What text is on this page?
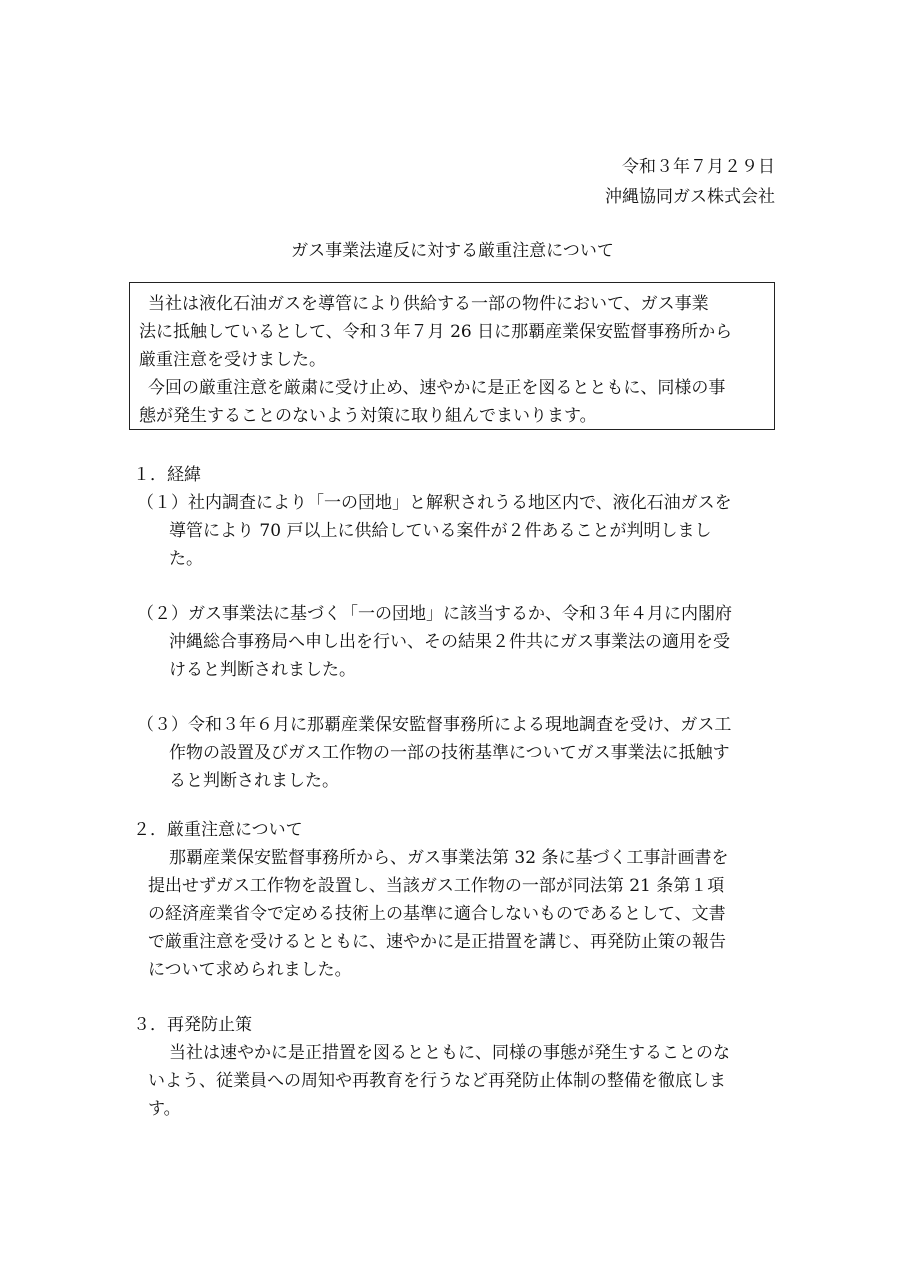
令和３年７月２９日
沖縄協同ガス株式会社
ガス事業法違反に対する厳重注意について
当社は液化石油ガスを導管により供給する一部の物件において、ガス事業
法に抵触しているとして、令和３年７月 26 日に那覇産業保安監督事務所から
厳重注意を受けました。
今回の厳重注意を厳粛に受け止め、速やかに是正を図るとともに、同様の事
態が発生することのないよう対策に取り組んでまいります。
１．経緯
（１）社内調査により「一の団地」と解釈されうる地区内で、液化石油ガスを
導管により 70 戸以上に供給している案件が２件あることが判明しまし
た。
（２）ガス事業法に基づく「一の団地」に該当するか、令和３年４月に内閣府
沖縄総合事務局へ申し出を行い、その結果２件共にガス事業法の適用を受
けると判断されました。
（３）令和３年６月に那覇産業保安監督事務所による現地調査を受け、ガス工
作物の設置及びガス工作物の一部の技術基準についてガス事業法に抵触す
ると判断されました。
２．厳重注意について
那覇産業保安監督事務所から、ガス事業法第 32 条に基づく工事計画書を
提出せずガス工作物を設置し、当該ガス工作物の一部が同法第 21 条第１項
の経済産業省令で定める技術上の基準に適合しないものであるとして、文書
で厳重注意を受けるとともに、速やかに是正措置を講じ、再発防止策の報告
について求められました。
３．再発防止策
当社は速やかに是正措置を図るとともに、同様の事態が発生することのな
いよう、従業員への周知や再教育を行うなど再発防止体制の整備を徹底しま
す。
